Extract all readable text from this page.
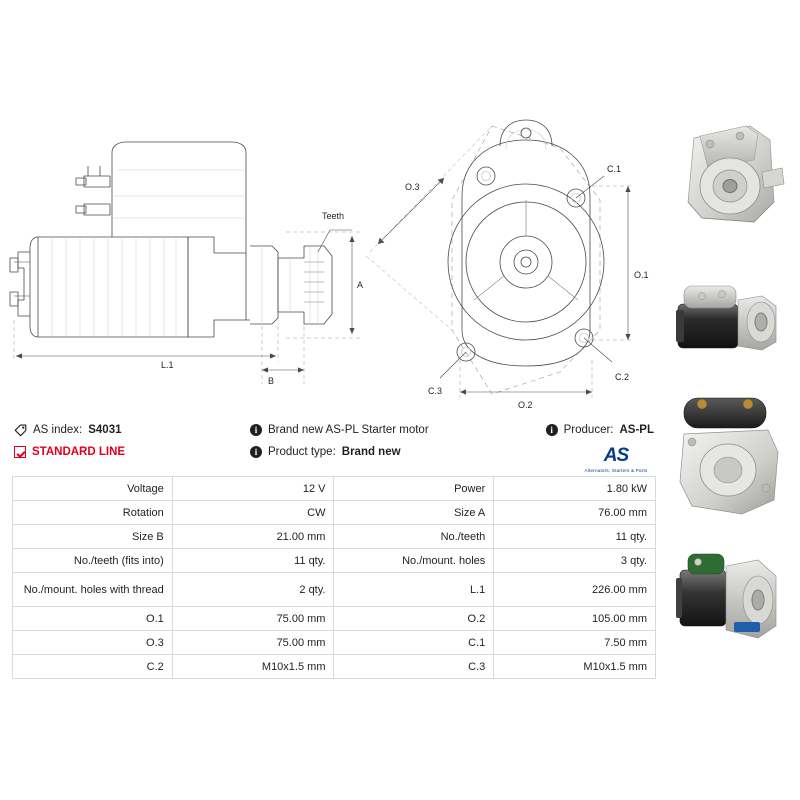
Teeth
A
B
L.1
O.3
C.1
O.1
C.2
C.3
O.2
AS index: S4031	i Brand new AS-PL Starter motor	i Producer: AS-PL
STANDARD LINE	i Product type: Brand new	AS
Alternators, Starters & Parts
Voltage	12 V	Power	1.80 kW
Rotation	CW	Size A	76.00 mm
Size B	21.00 mm	No./teeth	11 qty.
No./teeth (fits into)	11 qty.	No./mount. holes	3 qty.
No./mount. holes with thread	2 qty.	L.1	226.00 mm
O.1	75.00 mm	O.2	105.00 mm
O.3	75.00 mm	C.1	7.50 mm
C.2	M10x1.5 mm	C.3	M10x1.5 mm
